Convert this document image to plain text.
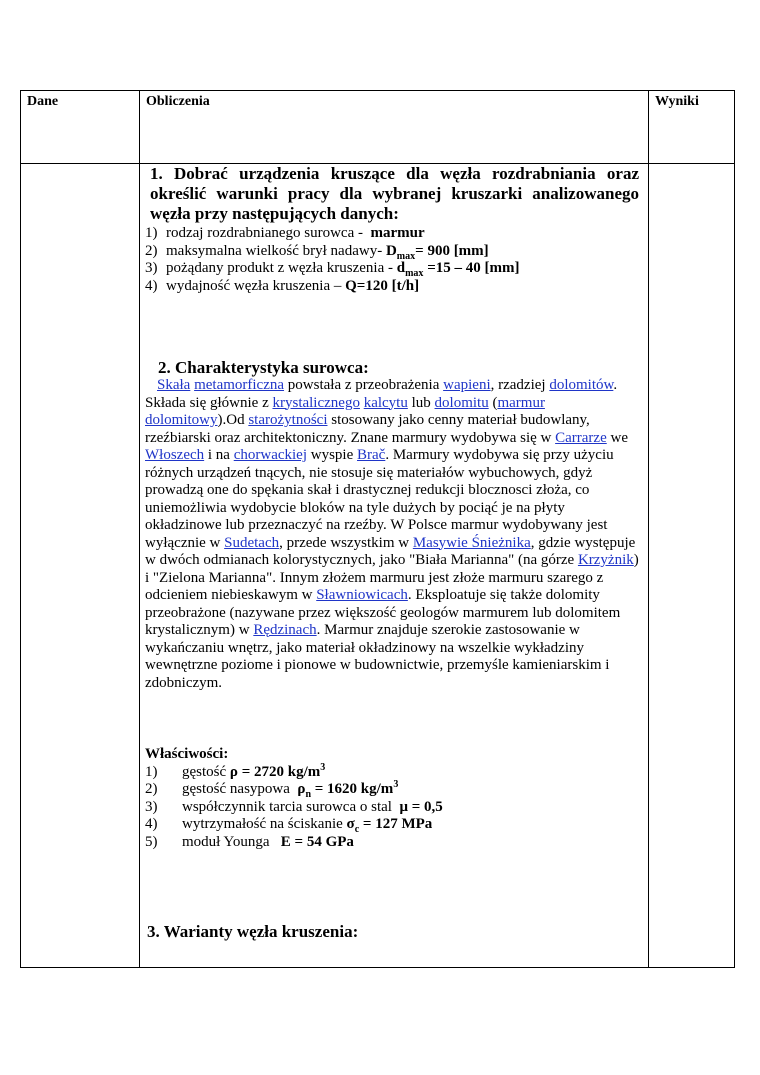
Dane	Obliczenia	Wyniki
1. Dobrać urządzenia kruszące dla węzła rozdrabniania oraz określić warunki pracy dla wybranej kruszarki analizowanego węzła przy następujących danych:
1) rodzaj rozdrabnianego surowca - marmur
2) maksymalna wielkość brył nadawy- $D_{max}= 900$ [mm]
3) pożądany produkt z węzła kruszenia - $d_{max} =15 - 40$ [mm]
4) wydajność węzła kruszenia – Q=120 [t/h]
2. Charakterystyka surowca:

Skała metamorficzna powstała z przeobrażenia wapieni, rzadziej dolomitów. Składa się głównie z krystalicznego kalcytu lub dolomitu (marmur dolomitowy).Od starożytności stosowany jako cenny materiał budowlany, rzeźbiarski oraz architektoniczny. Znane marmury wydobywa się w Carrarze we Włoszech i na chorwackiej wyspie Brač. Marmury wydobywa się przy użyciu różnych urządzeń tnących, nie stosuje się materiałów wybuchowych, gdyż prowadzą one do spękania skał i drastycznej redukcji blocznosci złoża, co uniemożliwia wydobycie bloków na tyle dużych by pociąć je na płyty okładzinowe lub przeznaczyć na rzeźby. W Polsce marmur wydobywany jest wyłącznie w Sudetach, przede wszystkim w Masywie Śnieżnika, gdzie występuje w dwóch odmianach kolorystycznych, jako "Biała Marianna" (na górze Krzyżnik) i "Zielona Marianna". Innym złożem marmuru jest złoże marmuru szarego z odcieniem niebieskawym w Sławniowicach. Eksploatuje się także dolomity przeobrażone (nazywane przez większość geologów marmurem lub dolomitem krystalicznym) w Rędzinach. Marmur znajduje szerokie zastosowanie w wykańczaniu wnętrz, jako materiał okładzinowy na wszelkie wykładziny wewnętrzne poziome i pionowe w budownictwie, przemyśle kamieniarskim i zdobniczym.

Właściwości:
1)	gęstość ρ = 2720 $kg/m^3$
2)	gęstość nasypowa $\rho_n = 1620$ $kg/m^3$
3)	współczynnik tarcia surowca o stal μ = 0,5
4)	wytrzymałość na ściskanie $\sigma_c = 127$ MPa
5)	moduł Younga E = 54 GPa
3. Warianty węzła kruszenia:
